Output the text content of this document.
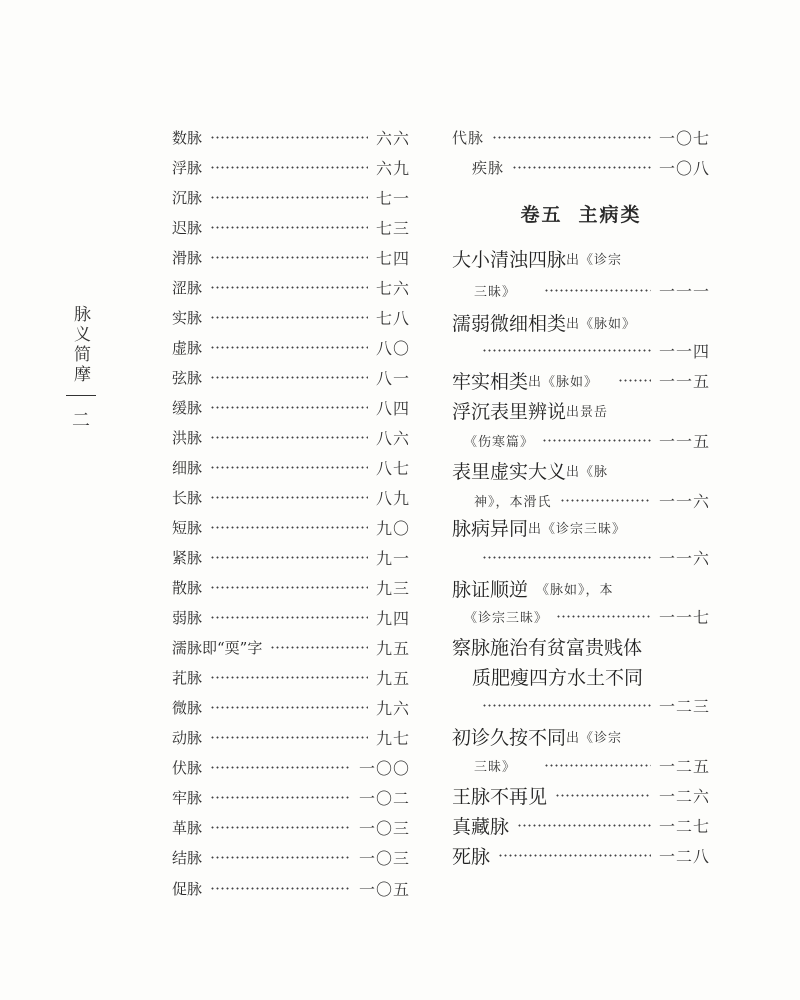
脉义简摩
二
数脉	六六
浮脉	六九
沉脉	七一
迟脉	七三
滑脉	七四
涩脉	七六
实脉	七八
虚脉	八〇
弦脉	八一
缓脉	八四
洪脉	八六
细脉	八七
长脉	八九
短脉	九〇
紧脉	九一
散脉	九三
弱脉	九四
濡脉即“耎”字	九五
芤脉	九五
微脉	九六
动脉	九七
伏脉	一〇〇
牢脉	一〇二
革脉	一〇三
结脉	一〇三
促脉	一〇五
代脉	一〇七
疾脉	一〇八
卷五 主病类
大小清浊四脉 出《诊宗
三昧》	一一一
濡弱微细相类 出《脉如》
一一四
牢实相类 出《脉如》	一一五
浮沉表里辨说 出景岳
《伤寒篇》	一一五
表里虚实大义 出《脉
神》，本滑氏	一一六
脉病异同 出《诊宗三昧》
一一六
脉证顺逆 《脉如》，本
《诊宗三昧》	一一七
察脉施治有贫富贵贱体
质肥瘦四方水土不同
一二三
初诊久按不同 出《诊宗
三昧》	一二五
王脉不再见	一二六
真藏脉	一二七
死脉	一二八
